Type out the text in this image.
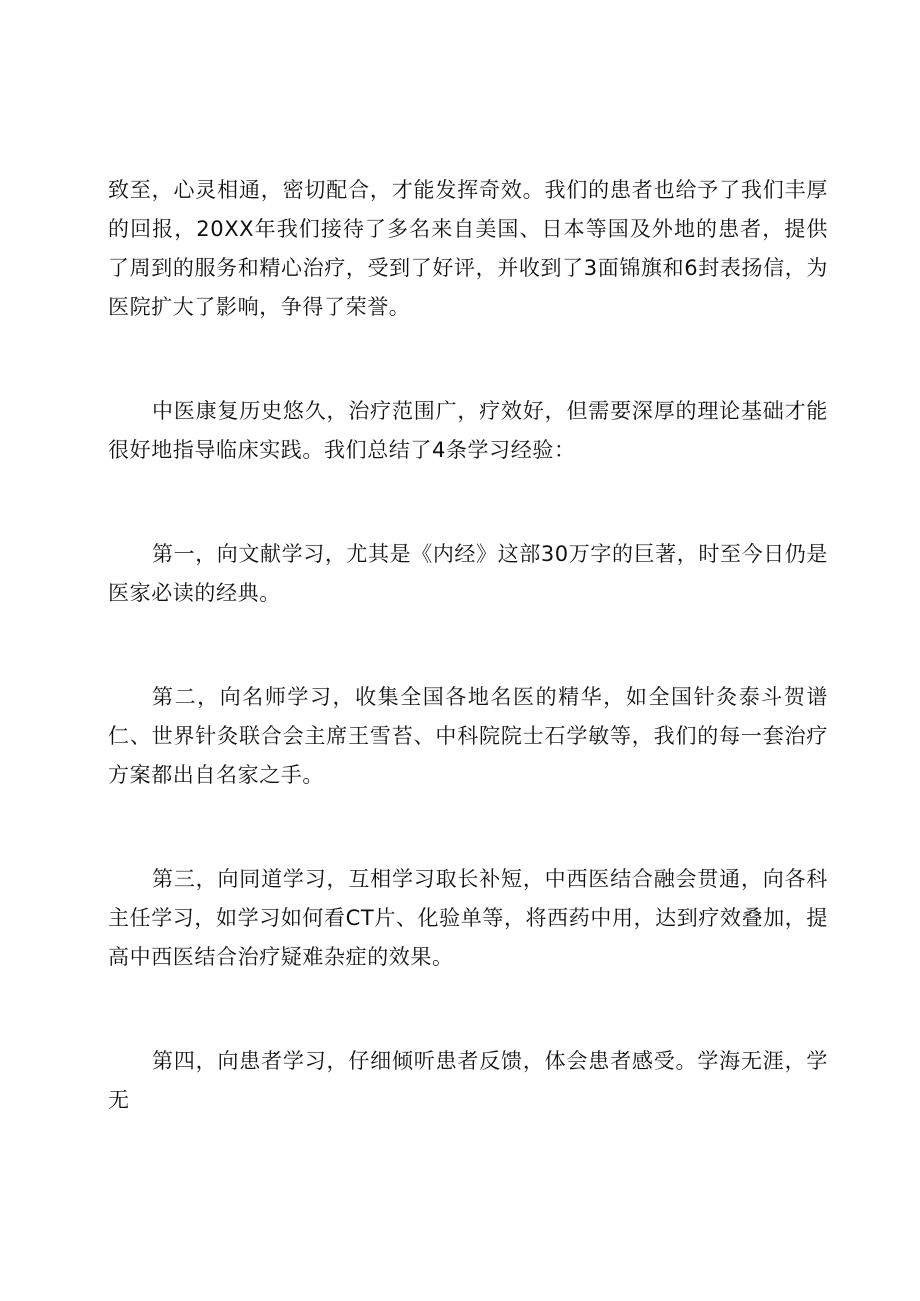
致至，心灵相通，密切配合，才能发挥奇效。我们的患者也给予了我们丰厚的回报，20XX年我们接待了多名来自美国、日本等国及外地的患者，提供了周到的服务和精心治疗，受到了好评，并收到了3面锦旗和6封表扬信，为医院扩大了影响，争得了荣誉。

中医康复历史悠久，治疗范围广，疗效好，但需要深厚的理论基础才能很好地指导临床实践。我们总结了4条学习经验：

第一，向文献学习，尤其是《内经》这部30万字的巨著，时至今日仍是医家必读的经典。

第二，向名师学习，收集全国各地名医的精华，如全国针灸泰斗贺谱仁、世界针灸联合会主席王雪苔、中科院院士石学敏等，我们的每一套治疗方案都出自名家之手。

第三，向同道学习，互相学习取长补短，中西医结合融会贯通，向各科主任学习，如学习如何看CT片、化验单等，将西药中用，达到疗效叠加，提高中西医结合治疗疑难杂症的效果。

第四，向患者学习，仔细倾听患者反馈，体会患者感受。学海无涯，学无
